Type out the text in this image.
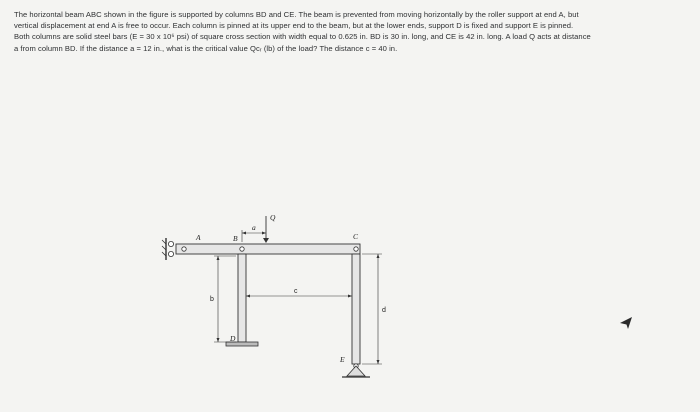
The horizontal beam ABC shown in the figure is supported by columns BD and CE. The beam is prevented from moving horizontally by the roller support at end A, but
vertical displacement at end A is free to occur. Each column is pinned at its upper end to the beam, but at the lower ends, support D is fixed and support E is pinned.
Both columns are solid steel bars (E = 30 x 10⁶ psi) of square cross section with width equal to 0.625 in. BD is 30 in. long, and CE is 42 in. long. A load Q acts at distance
a from column BD. If the distance a = 12 in., what is the critical value Qᴄᵣ (lb) of the load? The distance c = 40 in.
A	B	C
D
E
Q
a
b
c
d
